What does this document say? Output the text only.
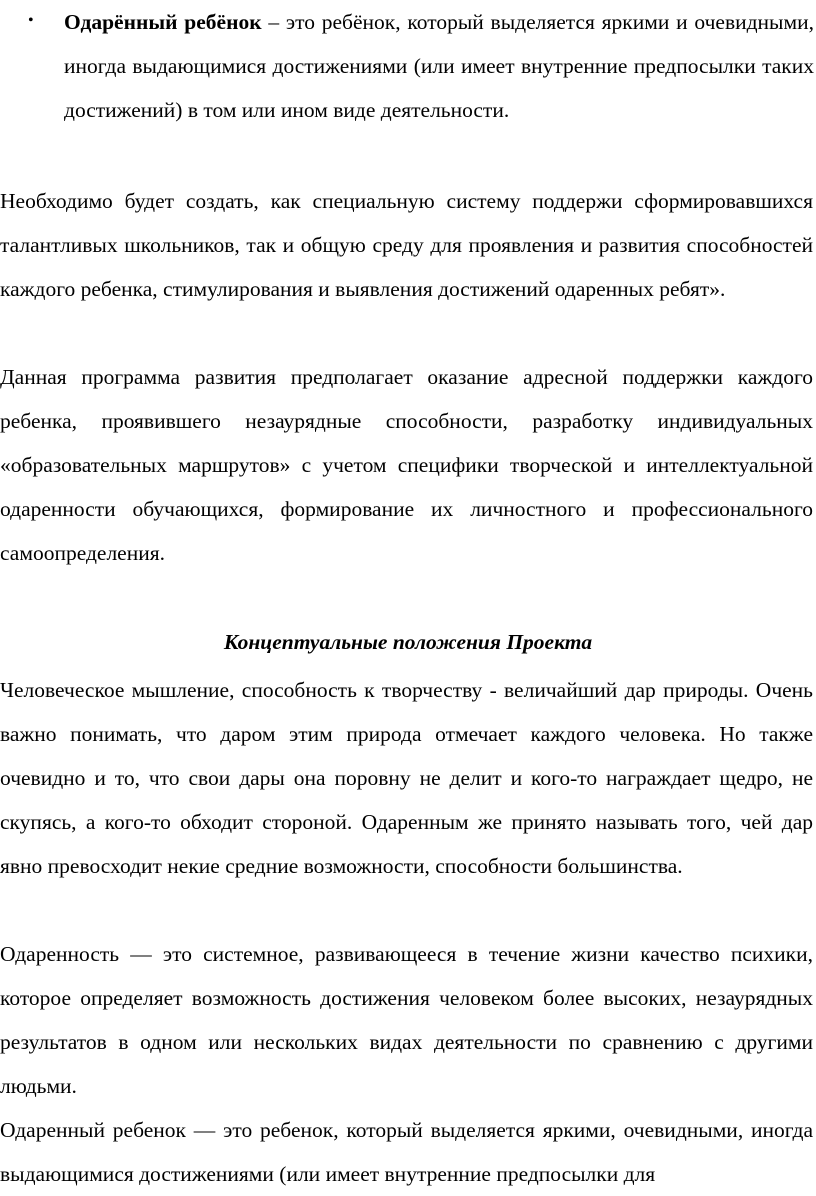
• Одарённый ребёнок – это ребёнок, который выделяется яркими и очевидными, иногда выдающимися достижениями (или имеет внутренние предпосылки таких достижений) в том или ином виде деятельности.

Необходимо будет создать, как специальную систему поддержи сформировавшихся талантливых школьников, так и общую среду для проявления и развития способностей каждого ребенка, стимулирования и выявления достижений одаренных ребят».

Данная программа развития предполагает оказание адресной поддержки каждого ребенка, проявившего незаурядные способности, разработку индивидуальных «образовательных маршрутов» с учетом специфики творческой и интеллектуальной одаренности обучающихся, формирование их личностного и профессионального самоопределения.

Концептуальные положения Проекта

Человеческое мышление, способность к творчеству - величайший дар природы. Очень важно понимать, что даром этим природа отмечает каждого человека. Но также очевидно и то, что свои дары она поровну не делит и кого-то награждает щедро, не скупясь, а кого-то обходит стороной. Одаренным же принято называть того, чей дар явно превосходит некие средние возможности, способности большинства.

Одаренность — это системное, развивающееся в течение жизни качество психики, которое определяет возможность достижения человеком более высоких, незаурядных результатов в одном или нескольких видах деятельности по сравнению с другими людьми.

Одаренный ребенок — это ребенок, который выделяется яркими, очевидными, иногда выдающимися достижениями (или имеет внутренние предпосылки для
